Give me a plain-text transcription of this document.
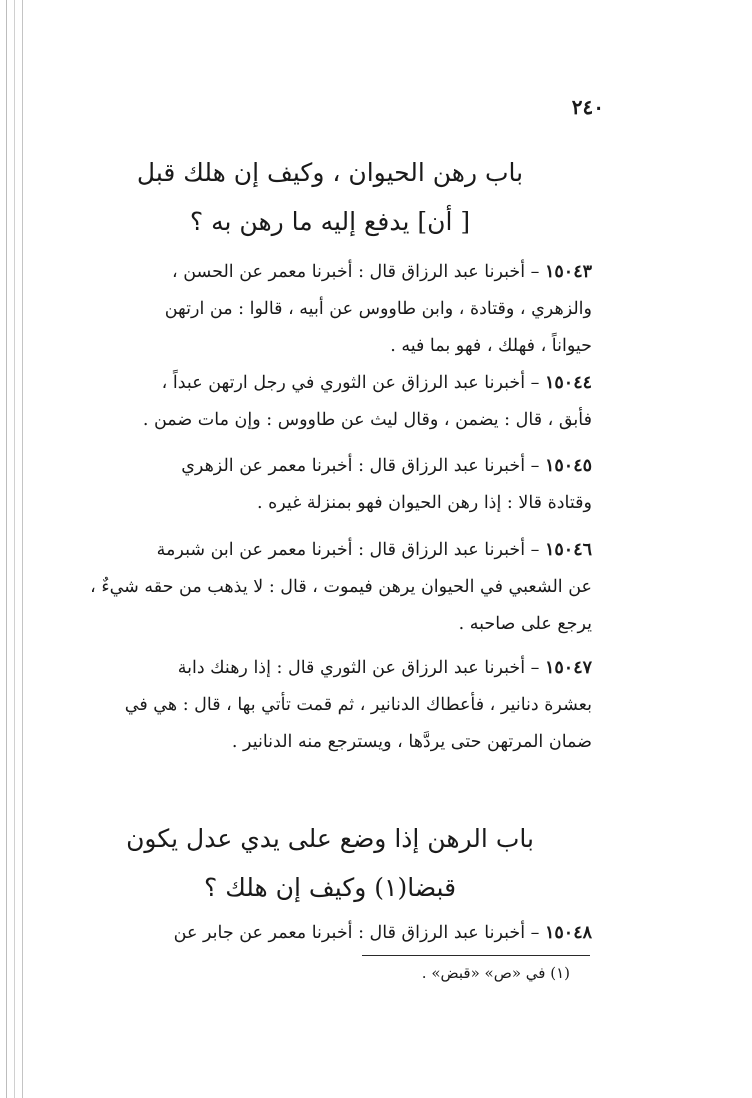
٢٤٠
باب رهن الحيوان ، وكيف إن هلك قبل
[ أن] يدفع إليه ما رهن به ؟
١٥٠٤٣ – أخبرنا عبد الرزاق قال : أخبرنا معمر عن الحسن ،
والزهري ، وقتادة ، وابن طاووس عن أبيه ، قالوا : من ارتهن
حيواناً ، فهلك ، فهو بما فيه .
١٥٠٤٤ – أخبرنا عبد الرزاق عن الثوري في رجل ارتهن عبداً ،
فأبق ، قال : يضمن ، وقال ليث عن طاووس : وإن مات ضمن .
١٥٠٤٥ – أخبرنا عبد الرزاق قال : أخبرنا معمر عن الزهري
وقتادة قالا : إذا رهن الحيوان فهو بمنزلة غيره .
١٥٠٤٦ – أخبرنا عبد الرزاق قال : أخبرنا معمر عن ابن شبرمة
عن الشعبي في الحيوان يرهن فيموت ، قال : لا يذهب من حقه شيءٌ ،
يرجع على صاحبه .
١٥٠٤٧ – أخبرنا عبد الرزاق عن الثوري قال : إذا رهنك دابة
بعشرة دنانير ، فأعطاك الدنانير ، ثم قمت تأتي بها ، قال : هي في
ضمان المرتهن حتى يردَّها ، ويسترجع منه الدنانير .
باب الرهن إذا وضع على يدي عدل يكون
قبضا(١) وكيف إن هلك ؟
١٥٠٤٨ – أخبرنا عبد الرزاق قال : أخبرنا معمر عن جابر عن
(١) في «ص» «قبض» .
